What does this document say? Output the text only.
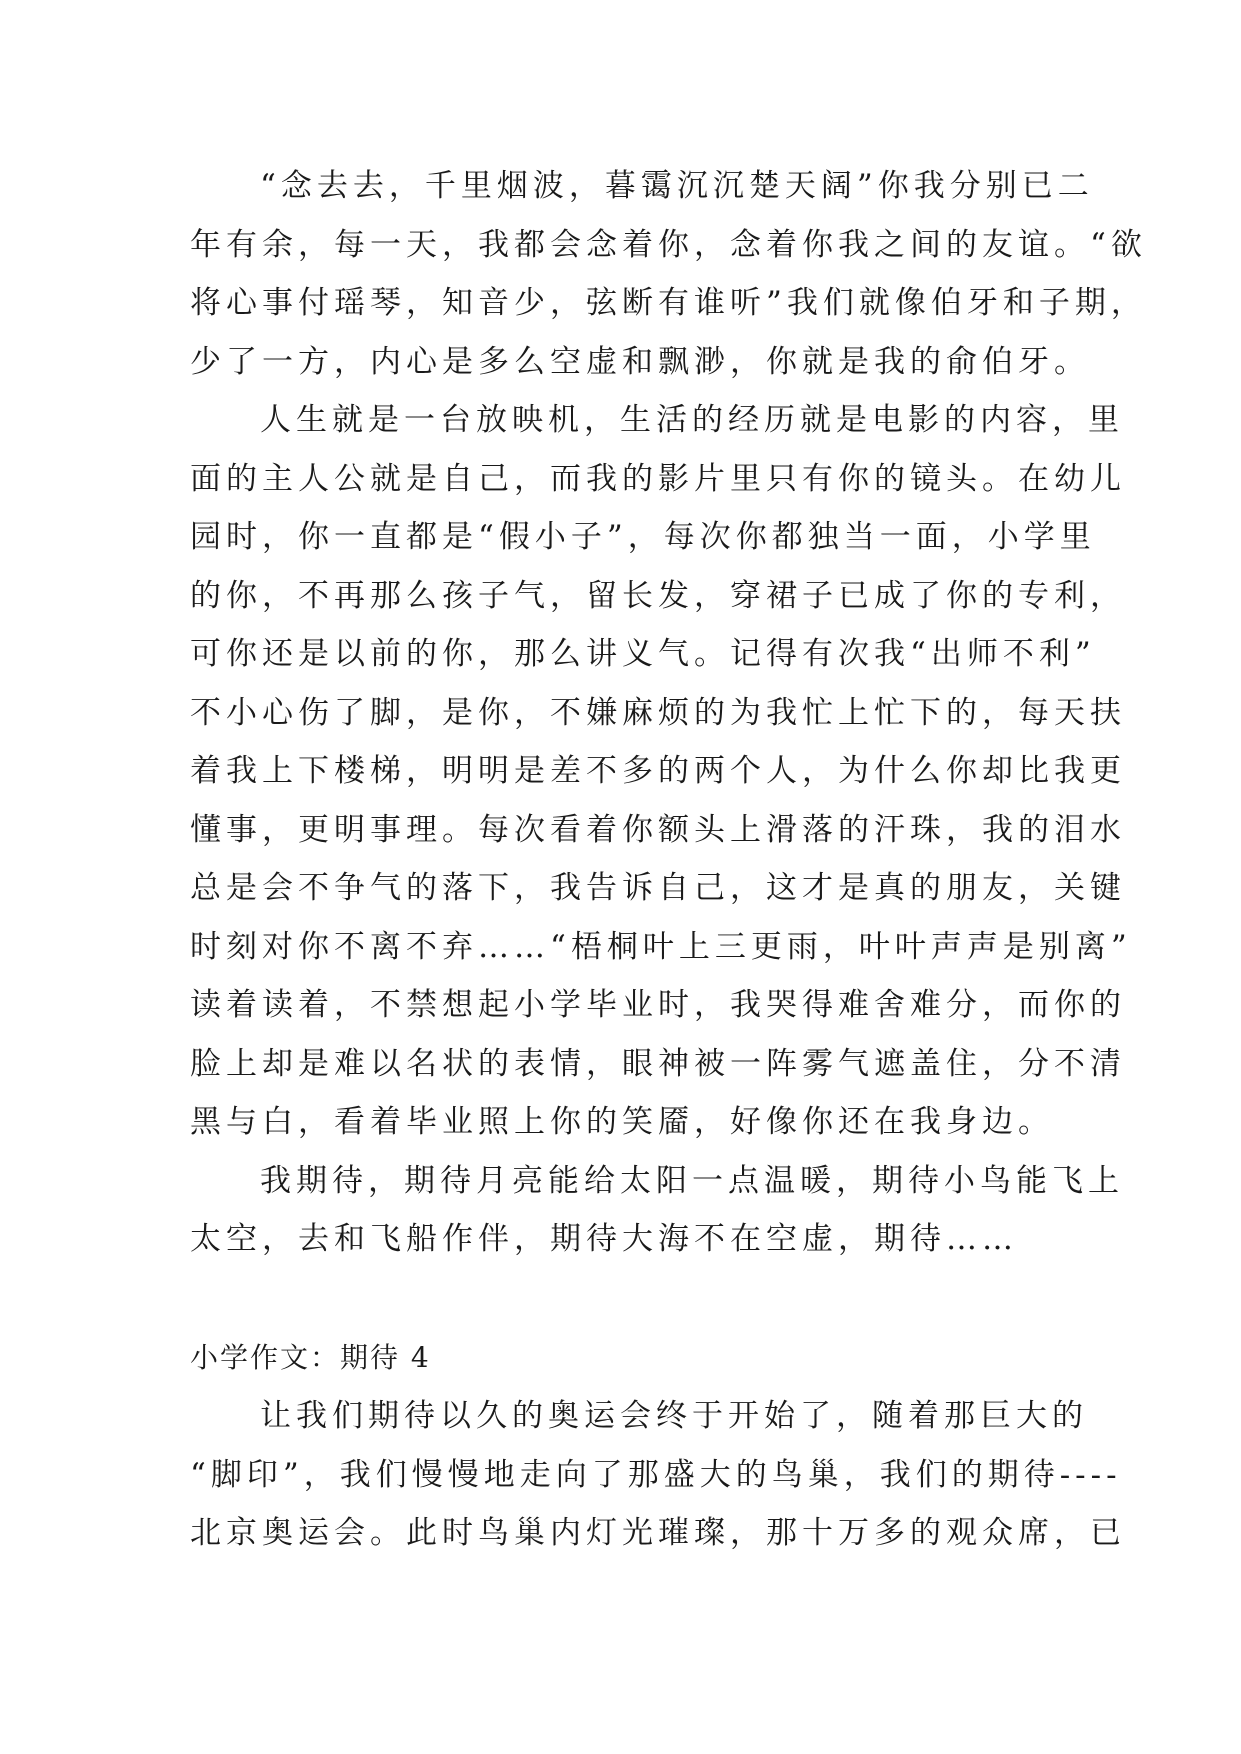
“念去去，千里烟波，暮霭沉沉楚天阔”你我分别已二
年有余，每一天，我都会念着你，念着你我之间的友谊。“欲
将心事付瑶琴，知音少，弦断有谁听”我们就像伯牙和子期，
少了一方，内心是多么空虚和飘渺，你就是我的俞伯牙。
人生就是一台放映机，生活的经历就是电影的内容，里
面的主人公就是自己，而我的影片里只有你的镜头。在幼儿
园时，你一直都是“假小子”，每次你都独当一面，小学里
的你，不再那么孩子气，留长发，穿裙子已成了你的专利，
可你还是以前的你，那么讲义气。记得有次我“出师不利”
不小心伤了脚，是你，不嫌麻烦的为我忙上忙下的，每天扶
着我上下楼梯，明明是差不多的两个人，为什么你却比我更
懂事，更明事理。每次看着你额头上滑落的汗珠，我的泪水
总是会不争气的落下，我告诉自己，这才是真的朋友，关键
时刻对你不离不弃……“梧桐叶上三更雨，叶叶声声是别离”
读着读着，不禁想起小学毕业时，我哭得难舍难分，而你的
脸上却是难以名状的表情，眼神被一阵雾气遮盖住，分不清
黑与白，看着毕业照上你的笑靥，好像你还在我身边。
我期待，期待月亮能给太阳一点温暖，期待小鸟能飞上
太空，去和飞船作伴，期待大海不在空虚，期待……
小学作文：期待 4
让我们期待以久的奥运会终于开始了，随着那巨大的
“脚印”，我们慢慢地走向了那盛大的鸟巢，我们的期待----
北京奥运会。此时鸟巢内灯光璀璨，那十万多的观众席，已
